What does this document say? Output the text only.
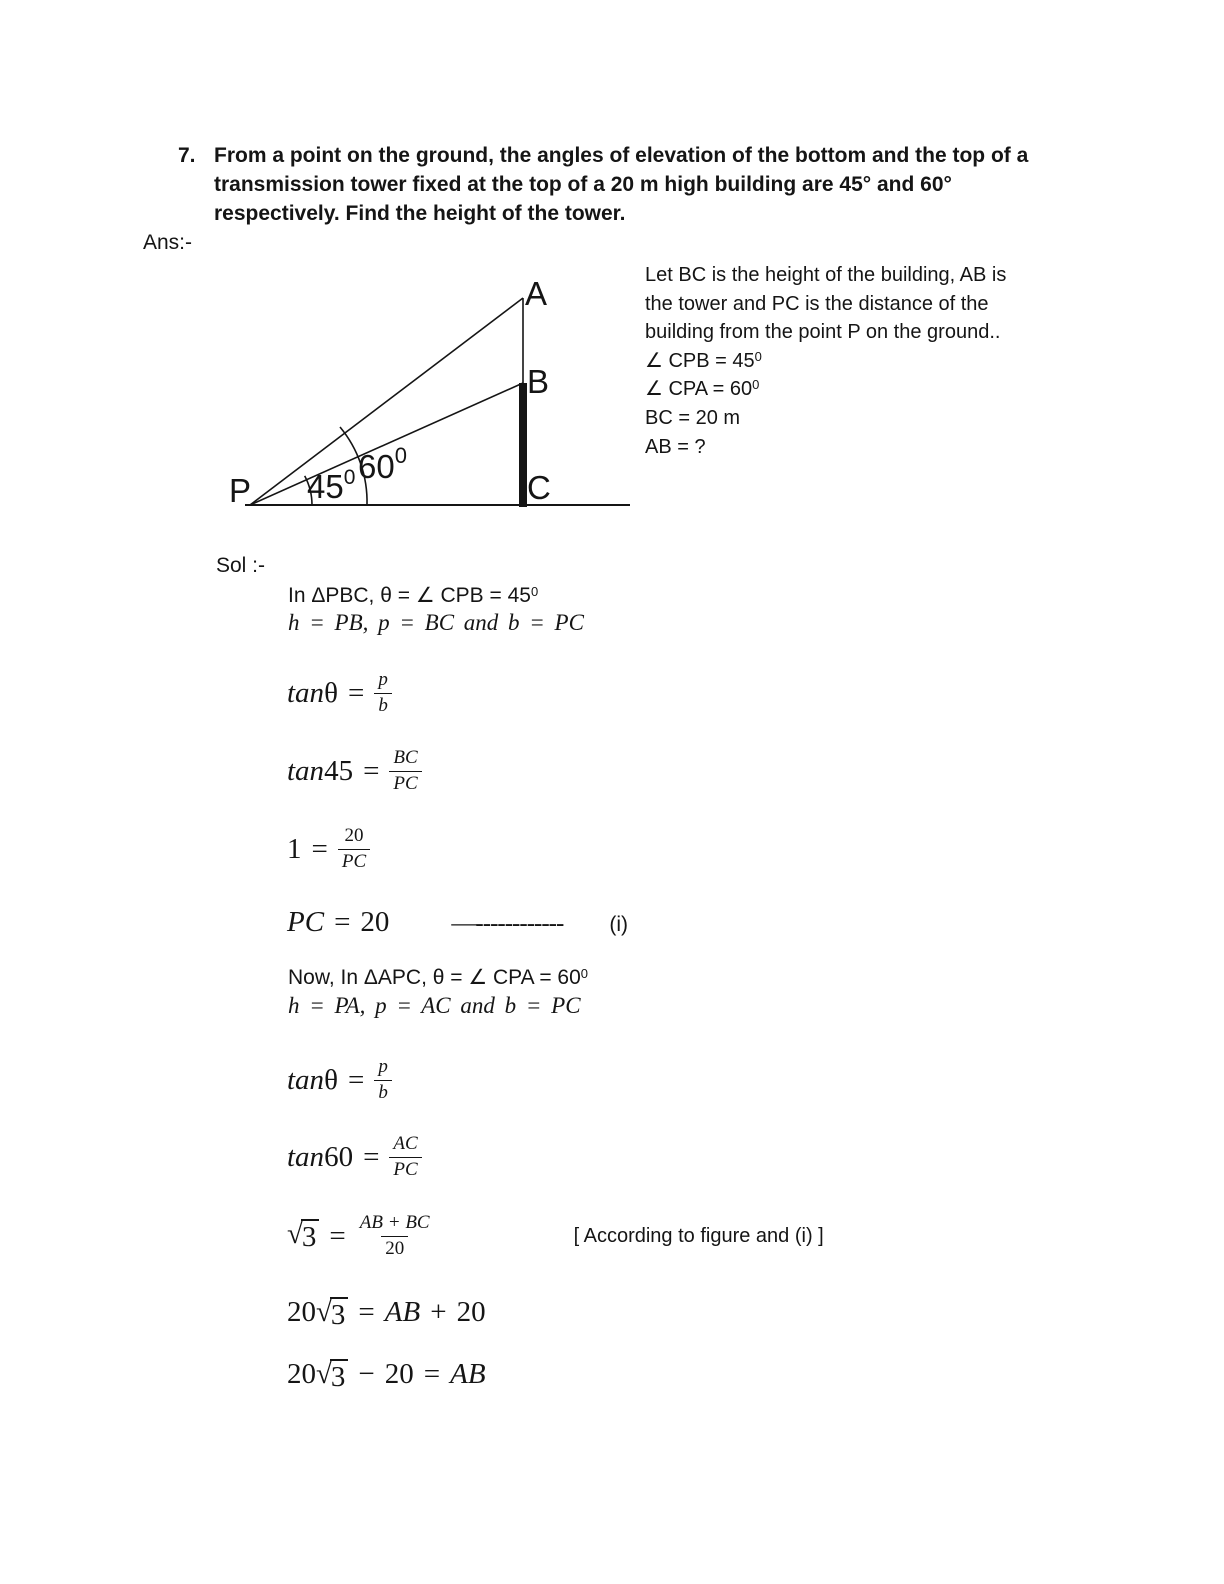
7. From a point on the ground, the angles of elevation of the bottom and the top of a
transmission tower fixed at the top of a 20 m high building are 45° and 60°
respectively. Find the height of the tower.
Ans:-
P
A
B
C
$45^0$ $60^0$
Let BC is the height of the building, AB is
the tower and PC is the distance of the
building from the point P on the ground..
∠ CPB = $45^0$
∠ CPA = $60^0$
BC = 20 m
AB = ?
Sol :-
In ΔPBC, θ = ∠ CPB = $45^0$
h = PB, p = BC and b = PC
$\tan\theta = \frac{p}{b}$
$\tan 45 = \frac{BC}{PC}$
$1 = \frac{20}{PC}$
PC = 20 —------------ (i)
Now, In ΔAPC, θ = ∠ CPA = $60^0$
h = PA, p = AC and b = PC
$\tan\theta = \frac{p}{b}$
$\tan 60 = \frac{AC}{PC}$
√ $3 = \frac{AB + BC}{20}$	[ According to figure and (i) ]
20 √ 3 = AB + 20
20 √ 3 − 20 = AB
